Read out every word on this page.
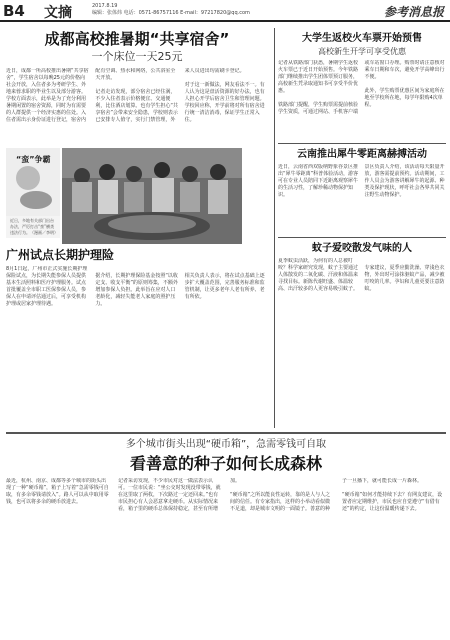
B4 文摘	2017.8.19
编辑：张体炜 电话：0571-86757116 E-mail：97217820@qq.com	参考消息报
成都高校推暑期“共享宿舍”
一个床位一天25元
近日，成都一所高校推出暑期“共享宿舍”，学生宿舍以每晚25元的价格向社会开放，入住者多为考研学生、外地来蓉求职的毕业生以及部分游客。学校方面表示，此举是为了充分利用暑期闲置的宿舍资源，同时为有需要的人群提供一个经济实惠的住处。入住者需出示身份证进行登记，宿舍内配有空调、热水和网络，公共浴室全天开放。

记者走访发现，部分宿舍已经住满，不少入住者表示价格便宜、交通便利，比住酒店划算。也有学生担心“共享宿舍”会带来安全隐患，学校则表示已安排专人值守，实行门禁管理，外来人员进出均需刷卡登记。

对于这一新做法，网友看法不一。有人认为这是盘活资源的好办法，也有人担心开学后宿舍卫生和管理问题。学校回应称，开学前将对所有宿舍进行统一清洁消毒，保证学生正常入住。
“蛮”争霸
近日，多地有关部门出台办法，严厉打击“蛮”横类违法行为。（漫画／李明）
大学生返校火车票开始预售
高校新生开学可享受优惠
记者从铁路部门获悉，暑期学生返校火车票已于近日开始预售。今年铁路部门继续推出学生团体票预订服务，高校新生凭录取通知书可享受半价优惠。

铁路部门提醒，学生购票需提前核验学生资质，可通过网站、手机客户端或车站窗口办理。购票时请注意核对乘车日期和车次，避免开学高峰出行不便。

此外，学生购票优惠区间为家庭所在地至学校所在地，每学年限购4次单程。
云南推出犀牛零距离赫搏活动
近日，云南省西双版纳野象谷景区推出“犀牛零距离”科普体验活动，游客可在专业人员陪同下近距离观察犀牛的生活习性，了解珍稀动物保护知识。

景区负责人介绍，该活动每天限量开放，游客需提前预约。活动期间，工作人员会为游客讲解犀牛的起源、种类及保护现状，呼吁社会各界共同关注野生动物保护。
蚊子爱咬散发气味的人
夏季蚊虫活跃，为何有的人总被叮咬？科学家研究发现，蚊子主要通过人体散发的二氧化碳、汗液和体温来寻找目标。新陈代谢旺盛、体温较高、出汗较多的人更容易吸引蚊子。

专家建议，夏季应勤洗澡、穿浅色衣物，外出时可涂抹驱蚊产品，减少被叮咬的几率。孕妇和儿童更要注意防蚊。
广州试点长期护理险
8月1日起，广州市正式实施长期护理保险试点，为长期失能参保人员提供基本生活照料和医疗护理服务。试点首批覆盖全市职工医保参保人员，参保人在申请评估通过后，可享受机构护理或居家护理待遇。

据介绍，长期护理保险基金按照“以收定支、收支平衡”的原则筹集，不额外增加参保人负担。此举旨在应对人口老龄化，减轻失能老人家庭的照护压力。

相关负责人表示，将在试点基础上逐步扩大覆盖范围，完善服务标准和监管机制，让更多老年人老有所养、老有所依。
多个城市街头出现“硬币箱”，急需零钱可自取
看善意的种子如何长成森林
最近，杭州、南京、成都等多个城市的街头出现了一种“硬币箱”，箱子上写着“急需零钱可自取，有多余零钱请放入”。路人可以从中取用零钱，也可以将多余的硬币放进去。

记者采访发现，不少市民对这一做法表示认可。一位市民说：“坐公交时发现没带零钱，就在这里取了两枚，下次路过一定还回来。”也有市民担心有人会恶意拿走硬币。从实际情况来看，箱子里的硬币总体保持稳定，甚至有所增加。

“硬币箱”之所以能良性运转，靠的是人与人之间的信任。有专家指出，这样的小举动看似微不足道，却是城市文明的一面镜子。善意的种子一旦播下，就可能长成一片森林。

“硬币箱”如何才能持续下去？有网友建议，设置者应定期维护，市民也应自觉遵守“有借有还”的约定，让这份温暖传递下去。
